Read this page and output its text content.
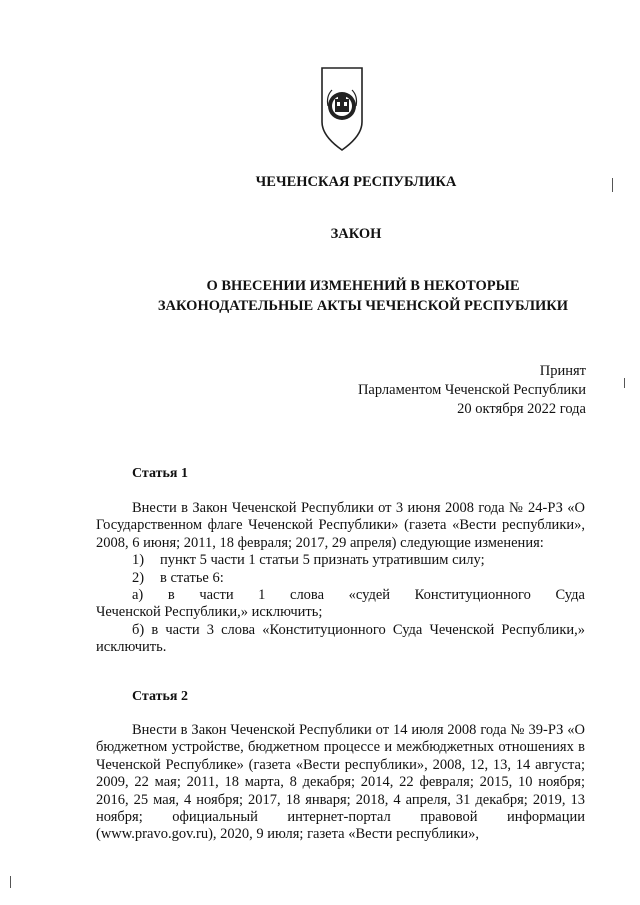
ЧЕЧЕНСКАЯ РЕСПУБЛИКА
ЗАКОН
О ВНЕСЕНИИ ИЗМЕНЕНИЙ В НЕКОТОРЫЕ
ЗАКОНОДАТЕЛЬНЫЕ АКТЫ ЧЕЧЕНСКОЙ РЕСПУБЛИКИ
Принят
Парламентом Чеченской Республики
20 октября 2022 года
Статья 1

Внести в Закон Чеченской Республики от 3 июня 2008 года № 24-РЗ «О Государственном флаге Чеченской Республики» (газета «Вести республики», 2008, 6 июня; 2011, 18 февраля; 2017, 29 апреля) следующие изменения:

1) пункт 5 части 1 статьи 5 признать утратившим силу;
2) в статье 6:
а) в части 1 слова «судей Конституционного Суда

Чеченской Республики,» исключить;

б) в части 3 слова «Конституционного Суда Чеченской Республики,» исключить.

Статья 2

Внести в Закон Чеченской Республики от 14 июля 2008 года № 39-РЗ «О бюджетном устройстве, бюджетном процессе и межбюджетных отношениях в Чеченской Республике» (газета «Вести республики», 2008, 12, 13, 14 августа; 2009, 22 мая; 2011, 18 марта, 8 декабря; 2014, 22 февраля; 2015, 10 ноября; 2016, 25 мая, 4 ноября; 2017, 18 января; 2018, 4 апреля, 31 декабря; 2019, 13 ноября; официальный интернет-портал правовой информации (www.pravo.gov.ru), 2020, 9 июля; газета «Вести республики»,
